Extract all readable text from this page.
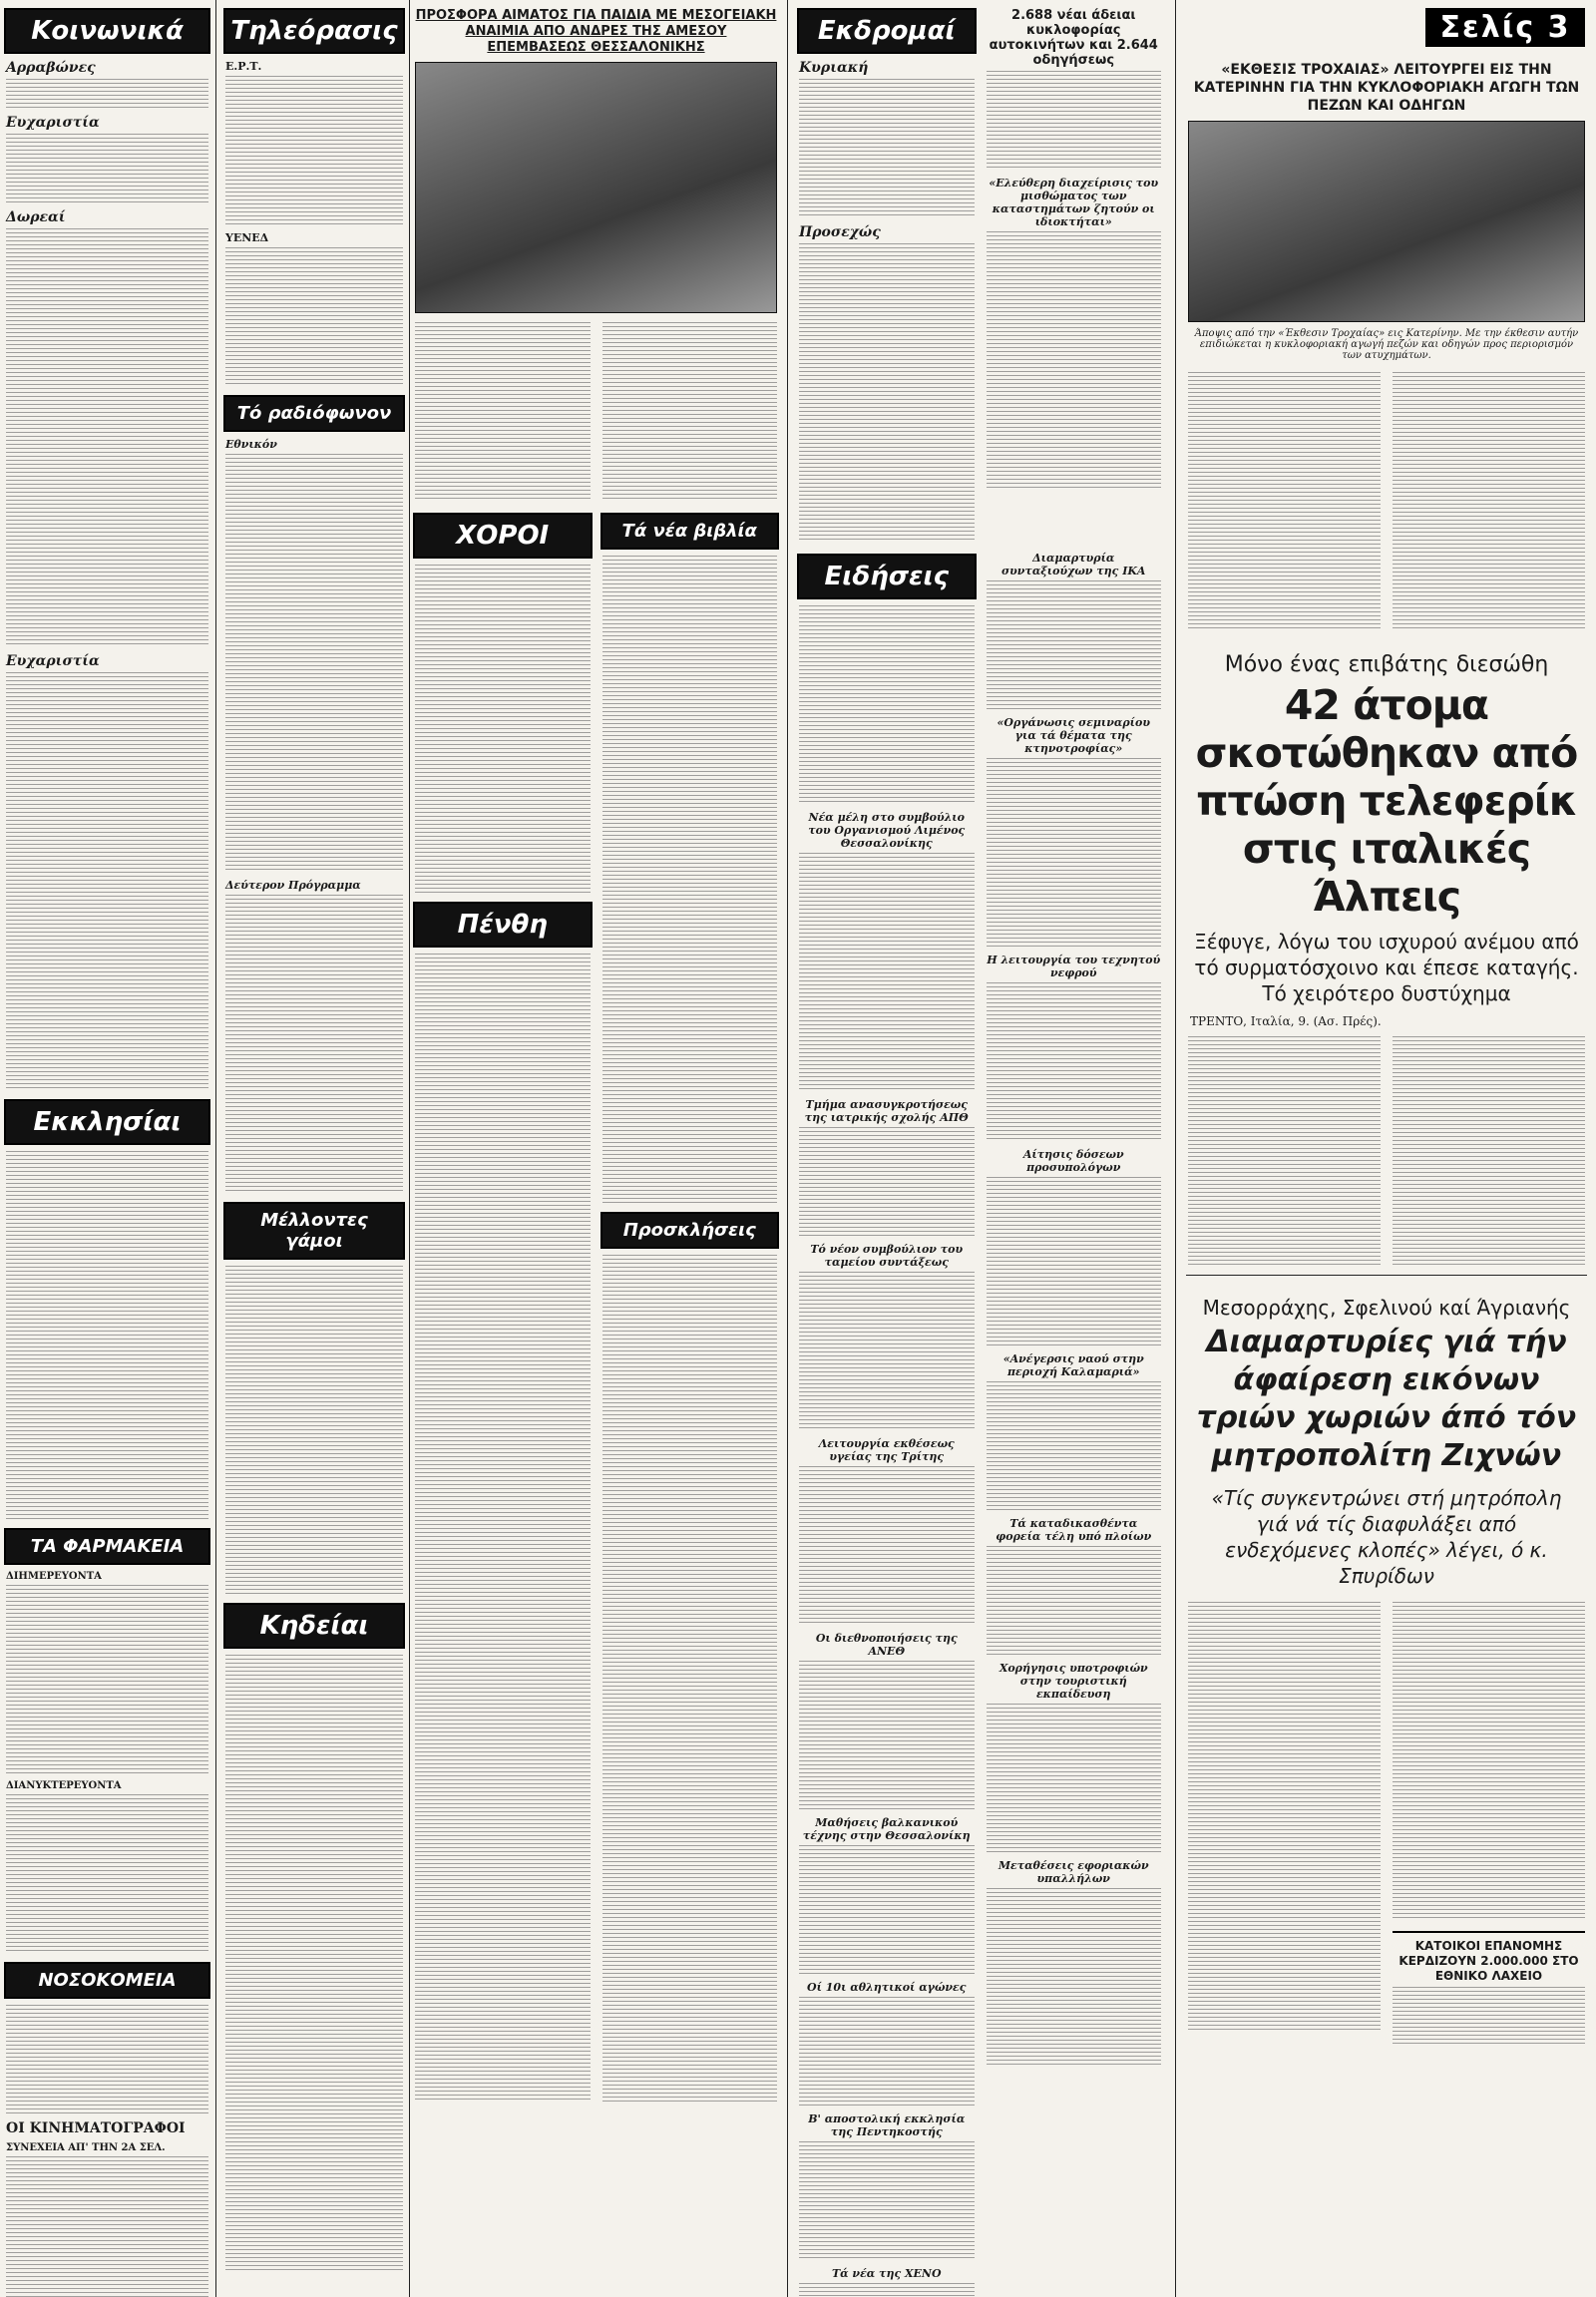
Κοινωνικά
Αρραβώνες
Ευχαριστία
Δωρεαί
Ευχαριστία
Εκκλησίαι
ΤΑ ΦΑΡΜΑΚΕΙΑ
ΔΙΗΜΕΡΕΥΟΝΤΑ
ΔΙΑΝΥΚΤΕΡΕΥΟΝΤΑ
ΝΟΣΟΚΟΜΕΙΑ
ΟΙ ΚΙΝΗΜΑΤΟΓΡΑΦΟΙ
ΣΥΝΕΧΕΙΑ ΑΠ' ΤΗΝ 2Α ΣΕΛ.
Τηλεόρασις
Ε.Ρ.Τ.
ΥΕΝΕΔ
Τό ραδιόφωνον
Εθνικόν
Δεύτερον Πρόγραμμα
Μέλλοντες γάμοι
Κηδείαι
ΠΡΟΣΦΟΡΑ ΑΙΜΑΤΟΣ ΓΙΑ ΠΑΙΔΙΑ ΜΕ ΜΕΣΟΓΕΙΑΚΗ ΑΝΑΙΜΙΑ ΑΠΟ ΑΝΔΡΕΣ ΤΗΣ ΑΜΕΣΟΥ ΕΠΕΜΒΑΣΕΩΣ ΘΕΣΣΑΛΟΝΙΚΗΣ
ΧΟΡΟΙ
Πένθη
Τά νέα βιβλία
Προσκλήσεις
Εκδρομαί
Κυριακή
Προσεχώς
2.688 νέαι άδειαι κυκλοφορίας αυτοκινήτων και 2.644 οδηγήσεως
«Ελεύθερη διαχείρισις του μισθώματος των καταστημάτων ζητούν οι ιδιοκτήται»
Ειδήσεις
Νέα μέλη στο συμβούλιο του Οργανισμού Λιμένος Θεσσαλονίκης
Τμήμα ανασυγκροτήσεως της ιατρικής σχολής ΑΠΘ
Τό νέον συμβούλιον του ταμείου συντάξεως
Λειτουργία εκθέσεως υγείας της Τρίτης
Οι διεθνοποιήσεις της ΑΝΕΘ
Μαθήσεις βαλκανικού τέχνης στην Θεσσαλονίκη
Οί 10ι αθλητικοί αγώνες
Β' αποστολική εκκλησία της Πεντηκοστής
Τά νέα της ΧΕΝΟ
Διαμαρτυρία συνταξιούχων της ΙΚΑ
«Οργάνωσις σεμιναρίου για τά θέματα της κτηνοτροφίας»
Η λειτουργία του τεχνητού νεφρού
Αίτησις δόσεων προσυπολόγων
«Ανέγερσις ναού στην περιοχή Καλαμαριά»
Τά καταδικασθέντα φορεία τέλη υπό πλοίων
Χορήγησις υποτροφιών στην τουριστική εκπαίδευση
Μεταθέσεις εφοριακών υπαλλήλων
Σελίς 3
«ΕΚΘΕΣΙΣ ΤΡΟΧΑΙΑΣ» ΛΕΙΤΟΥΡΓΕΙ ΕΙΣ ΤΗΝ ΚΑΤΕΡΙΝΗΝ ΓΙΑ ΤΗΝ ΚΥΚΛΟΦΟΡΙΑΚΗ ΑΓΩΓΗ ΤΩΝ ΠΕΖΩΝ ΚΑΙ ΟΔΗΓΩΝ
Άποψις από την «Έκθεσιν Τροχαίας» εις Κατερίνην. Με την έκθεσιν αυτήν επιδιώκεται η κυκλοφοριακή αγωγή πεζών και οδηγών προς περιορισμόν των ατυχημάτων.
Μόνο ένας επιβάτης διεσώθη
42 άτομα σκοτώθηκαν από πτώση τελεφερίκ στις ιταλικές Άλπεις
Ξέφυγε, λόγω του ισχυρού ανέμου από τό συρματόσχοινο και έπεσε καταγής. Τό χειρότερο δυστύχημα
ΤΡΕΝΤΟ, Ιταλία, 9. (Ασ. Πρές).
Μεσορράχης, Σφελινού καί Άγριανής
Διαμαρτυρίες γιά τήν άφαίρεση εικόνων τριών χωριών άπό τόν μητροπολίτη Ζιχνών
«Τίς συγκεντρώνει στή μητρόπολη γιά νά τίς διαφυλάξει από ενδεχόμενες κλοπές» λέγει, ό κ. Σπυρίδων
ΚΑΤΟΙΚΟΙ ΕΠΑΝΟΜΗΣ ΚΕΡΔΙΖΟΥΝ 2.000.000 ΣΤΟ ΕΘΝΙΚΟ ΛΑΧΕΙΟ
